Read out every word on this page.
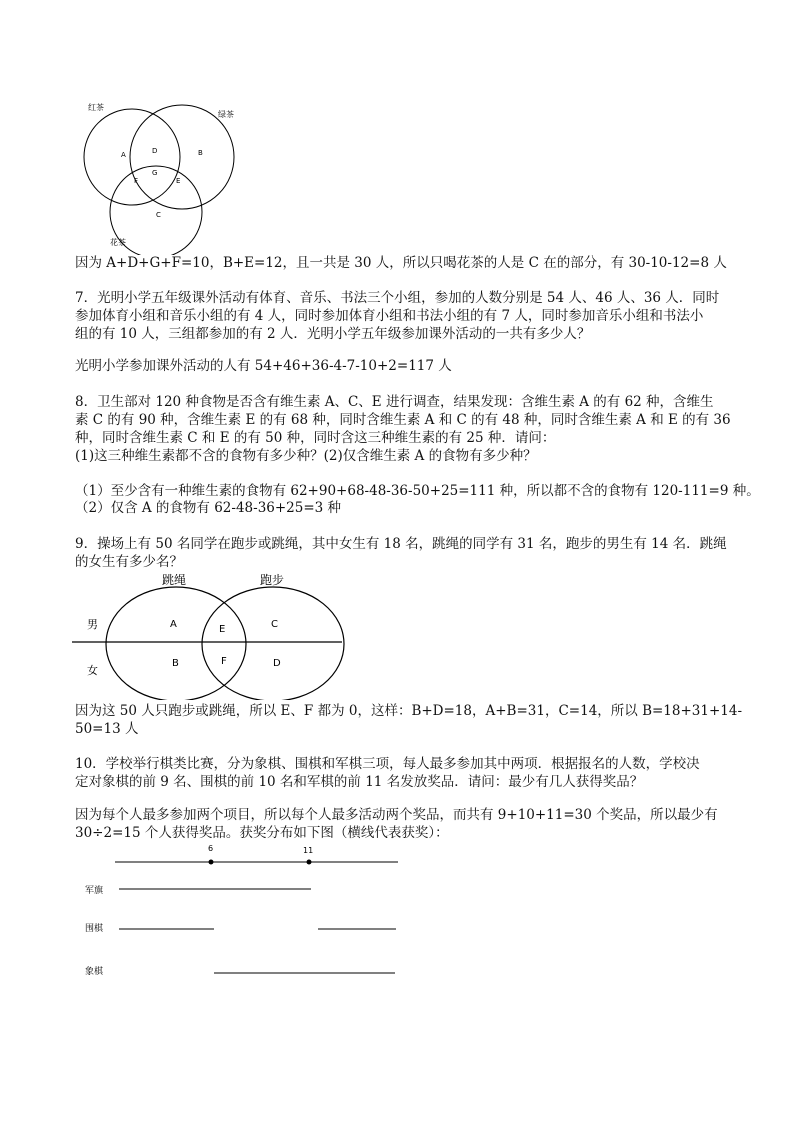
红茶
绿茶
花茶
A	B
C
D
E
F
G
因为 A+D+G+F=10，B+E=12，且一共是 30 人，所以只喝花茶的人是 C 在的部分，有 30-10-12=8 人
7．光明小学五年级课外活动有体育、音乐、书法三个小组，参加的人数分别是 54 人、46 人、36 人．同时
参加体育小组和音乐小组的有 4 人，同时参加体育小组和书法小组的有 7 人，同时参加音乐小组和书法小
组的有 10 人，三组都参加的有 2 人．光明小学五年级参加课外活动的一共有多少人？
光明小学参加课外活动的人有 54+46+36-4-7-10+2=117 人
8．卫生部对 120 种食物是否含有维生素 A、C、E 进行调查，结果发现：含维生素 A 的有 62 种，含维生
素 C 的有 90 种，含维生素 E 的有 68 种，同时含维生素 A 和 C 的有 48 种，同时含维生素 A 和 E 的有 36
种，同时含维生素 C 和 E 的有 50 种，同时含这三种维生素的有 25 种．请问：
(1)这三种维生素都不含的食物有多少种？(2)仅含维生素 A 的食物有多少种？
（1）至少含有一种维生素的食物有 62+90+68-48-36-50+25=111 种，所以都不含的食物有 120-111=9 种。
（2）仅含 A 的食物有 62-48-36+25=3 种
9．操场上有 50 名同学在跑步或跳绳，其中女生有 18 名，跳绳的同学有 31 名，跑步的男生有 14 名．跳绳
的女生有多少名？
跳绳	跑步
男
女
A	E	C
B	F	D
因为这 50 人只跑步或跳绳，所以 E、F 都为 0，这样：B+D=18，A+B=31，C=14，所以 B=18+31+14-
50=13 人
10．学校举行棋类比赛，分为象棋、围棋和军棋三项，每人最多参加其中两项．根据报名的人数，学校决
定对象棋的前 9 名、围棋的前 10 名和军棋的前 11 名发放奖品．请问：最少有几人获得奖品？
因为每个人最多参加两个项目，所以每个人最多活动两个奖品，而共有 9+10+11=30 个奖品，所以最少有
30÷2=15 个人获得奖品。获奖分布如下图（横线代表获奖）：
6	11
军旗
围棋
象棋
